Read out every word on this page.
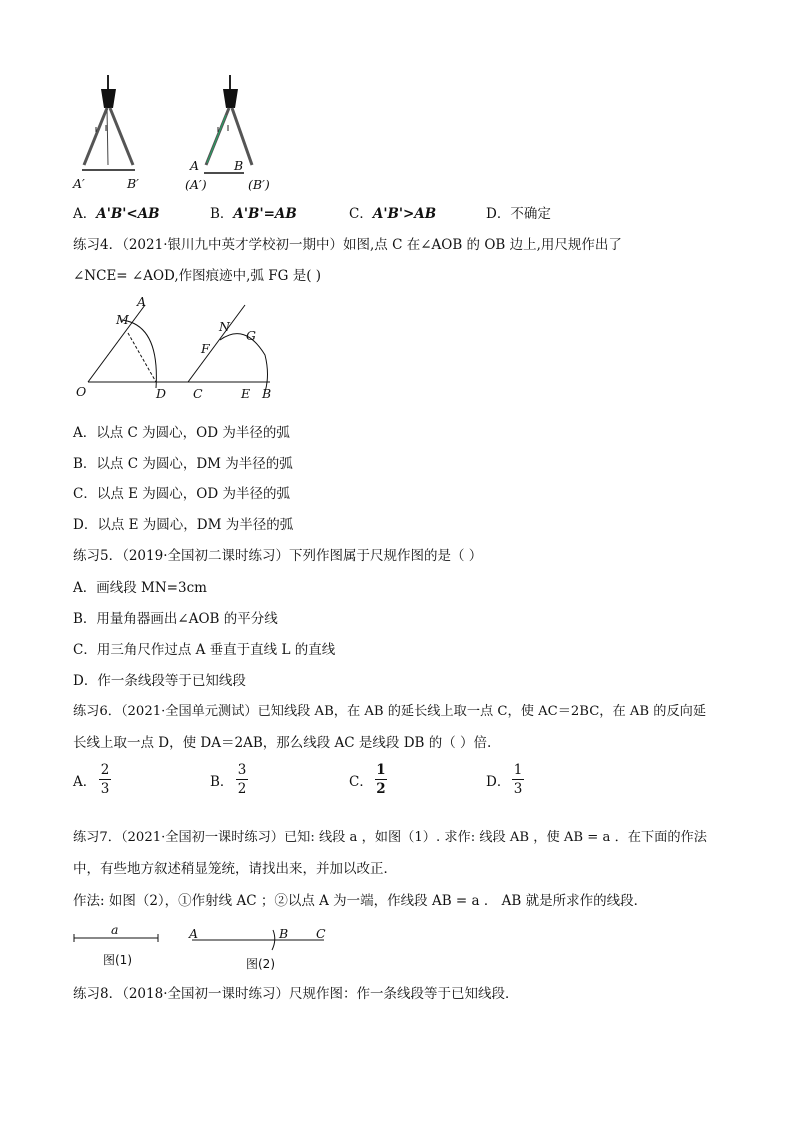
A′	B′
A	B
(A′)	(B′)
A．A'B'<AB	B．A'B'=AB	C．A'B'>AB	D．不确定
练习4．（2021·银川九中英才学校初一期中）如图,点 C 在∠AOB 的 OB 边上,用尺规作出了
∠NCE= ∠AOD,作图痕迹中,弧 FG 是( )
A
M
O	D C
N
G
F
E B
A．以点 C 为圆心，OD 为半径的弧
B．以点 C 为圆心，DM 为半径的弧
C．以点 E 为圆心，OD 为半径的弧
D．以点 E 为圆心，DM 为半径的弧
练习5．（2019·全国初二课时练习）下列作图属于尺规作图的是（ ）
A．画线段 MN=3cm
B．用量角器画出∠AOB 的平分线
C．用三角尺作过点 A 垂直于直线 L 的直线
D．作一条线段等于已知线段
练习6．（2021·全国单元测试）已知线段 AB，在 AB 的延长线上取一点 C，使 AC＝2BC，在 AB 的反向延
长线上取一点 D，使 DA＝2AB，那么线段 AC 是线段 DB 的（ ）倍.
A．
2
3	B．
3
2	C．
1
2	D．
1
3
练习7．（2021·全国初一课时练习）已知: 线段 a ，如图（1）. 求作: 线段 AB ，使 AB = a ．在下面的作法
中，有些地方叙述稍显笼统，请找出来，并加以改正．
作法: 如图（2），①作射线 AC ；②以点 A 为一端，作线段 AB = a ． AB 就是所求作的线段．
a
图(1)
A	B C
图(2)
练习8．（2018·全国初一课时练习）尺规作图：作一条线段等于已知线段．
